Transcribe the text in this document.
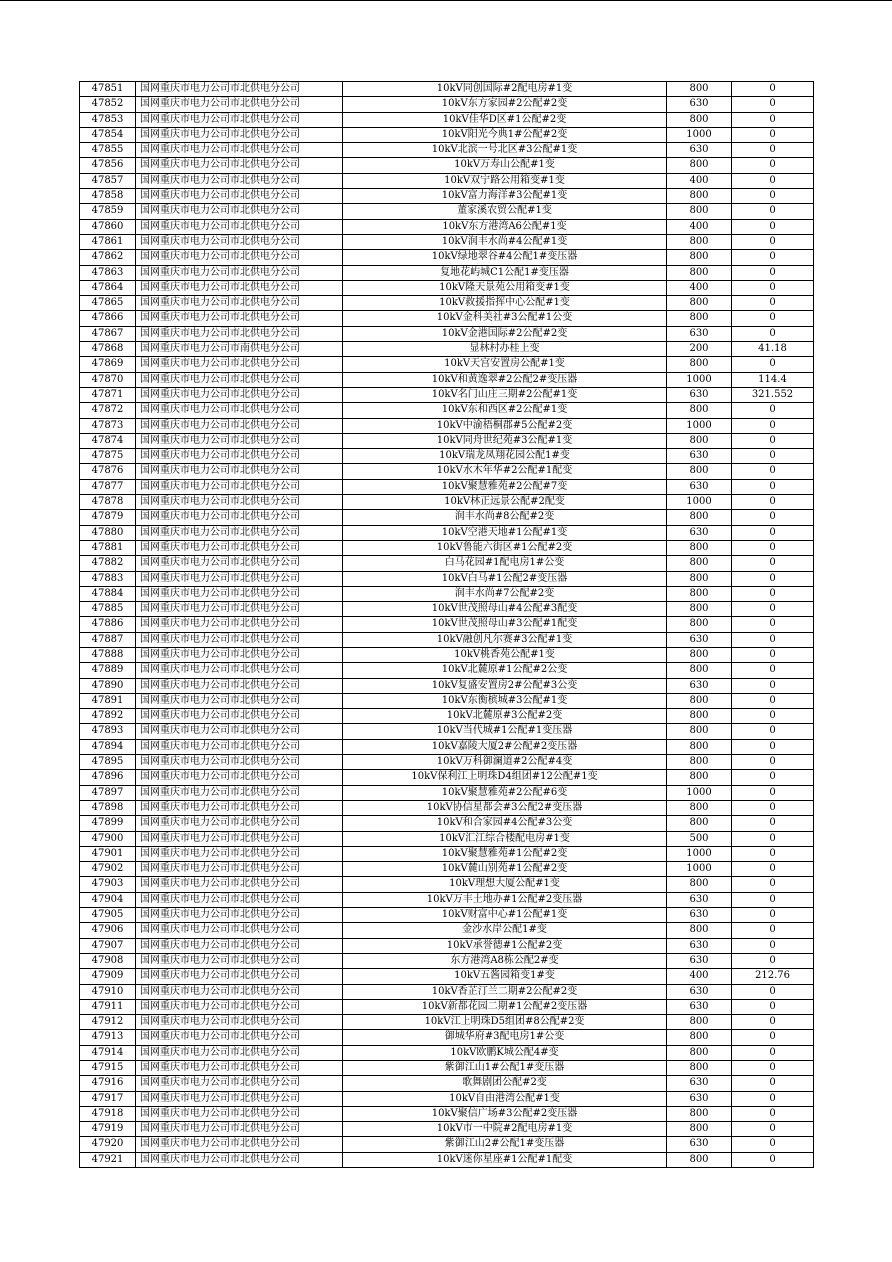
47851	国网重庆市电力公司市北供电分公司	10kV同创国际#2配电房#1变	800	0
47852	国网重庆市电力公司市北供电分公司	10kV东方家园#2公配#2变	630	0
47853	国网重庆市电力公司市北供电分公司	10kV佳华D区#1公配#2变	800	0
47854	国网重庆市电力公司市北供电分公司	10kV阳光今典1#公配#2变	1000	0
47855	国网重庆市电力公司市北供电分公司	10kV北滨一号北区#3公配#1变	630	0
47856	国网重庆市电力公司市北供电分公司	10kV万寿山公配#1变	800	0
47857	国网重庆市电力公司市北供电分公司	10kV双宁路公用箱变#1变	400	0
47858	国网重庆市电力公司市北供电分公司	10kV富力海洋#3公配#1变	800	0
47859	国网重庆市电力公司市北供电分公司	董家溪农贸公配#1变	800	0
47860	国网重庆市电力公司市北供电分公司	10kV东方港湾A6公配#1变	400	0
47861	国网重庆市电力公司市北供电分公司	10kV润丰水尚#4公配#1变	800	0
47862	国网重庆市电力公司市北供电分公司	10kV绿地翠谷#4公配1#变压器	800	0
47863	国网重庆市电力公司市北供电分公司	复地花屿城C1公配1#变压器	800	0
47864	国网重庆市电力公司市北供电分公司	10kV隆天景苑公用箱变#1变	400	0
47865	国网重庆市电力公司市北供电分公司	10kV救援指挥中心公配#1变	800	0
47866	国网重庆市电力公司市北供电分公司	10kV金科美社#3公配#1公变	800	0
47867	国网重庆市电力公司市北供电分公司	10kV金港国际#2公配#2变	630	0
47868	国网重庆市电力公司市南供电分公司	显林村办桂上变	200	41.18
47869	国网重庆市电力公司市北供电分公司	10kV天宫安置房公配#1变	800	0
47870	国网重庆市电力公司市北供电分公司	10kV和黄逸翠#2公配2#变压器	1000	114.4
47871	国网重庆市电力公司市北供电分公司	10kV名门山庄三期#2公配#1变	630	321.552
47872	国网重庆市电力公司市北供电分公司	10kV东和西区#2公配#1变	800	0
47873	国网重庆市电力公司市北供电分公司	10kV中渝梧桐郡#5公配#2变	1000	0
47874	国网重庆市电力公司市北供电分公司	10kV同舟世纪苑#3公配#1变	800	0
47875	国网重庆市电力公司市北供电分公司	10kV瑞龙凤翔花园公配1#变	630	0
47876	国网重庆市电力公司市北供电分公司	10kV水木年华#2公配#1配变	800	0
47877	国网重庆市电力公司市北供电分公司	10kV聚慧雅苑#2公配#7变	630	0
47878	国网重庆市电力公司市北供电分公司	10kV林正远景公配#2配变	1000	0
47879	国网重庆市电力公司市北供电分公司	润丰水尚#8公配#2变	800	0
47880	国网重庆市电力公司市北供电分公司	10kV空港天地#1公配#1变	630	0
47881	国网重庆市电力公司市北供电分公司	10kV鲁能六街区#1公配#2变	800	0
47882	国网重庆市电力公司市北供电分公司	白马花园#1配电房1#公变	800	0
47883	国网重庆市电力公司市北供电分公司	10kV白马#1公配2#变压器	800	0
47884	国网重庆市电力公司市北供电分公司	润丰水尚#7公配#2变	800	0
47885	国网重庆市电力公司市北供电分公司	10kV世茂照母山#4公配#3配变	800	0
47886	国网重庆市电力公司市北供电分公司	10kV世茂照母山#3公配#1配变	800	0
47887	国网重庆市电力公司市北供电分公司	10kV融创凡尔赛#3公配#1变	630	0
47888	国网重庆市电力公司市北供电分公司	10kV桃香苑公配#1变	800	0
47889	国网重庆市电力公司市北供电分公司	10kV北麓原#1公配#2公变	800	0
47890	国网重庆市电力公司市北供电分公司	10kV复盛安置房2#公配#3公变	630	0
47891	国网重庆市电力公司市北供电分公司	10kV东衡槟城#3公配#1变	800	0
47892	国网重庆市电力公司市北供电分公司	10kV北麓原#3公配#2变	800	0
47893	国网重庆市电力公司市北供电分公司	10kV当代城#1公配#1变压器	800	0
47894	国网重庆市电力公司市北供电分公司	10kV嘉陵大厦2#公配#2变压器	800	0
47895	国网重庆市电力公司市北供电分公司	10kV万科御澜道#2公配#4变	800	0
47896	国网重庆市电力公司市北供电分公司	10kV保利江上明珠D4组团#12公配#1变	800	0
47897	国网重庆市电力公司市北供电分公司	10kV聚慧雅苑#2公配#6变	1000	0
47898	国网重庆市电力公司市北供电分公司	10kV协信星都会#3公配2#变压器	800	0
47899	国网重庆市电力公司市北供电分公司	10kV和合家园#4公配#3公变	800	0
47900	国网重庆市电力公司市北供电分公司	10kV汇江综合楼配电房#1变	500	0
47901	国网重庆市电力公司市北供电分公司	10kV聚慧雅苑#1公配#2变	1000	0
47902	国网重庆市电力公司市北供电分公司	10kV麓山别苑#1公配#2变	1000	0
47903	国网重庆市电力公司市北供电分公司	10kV理想大厦公配#1变	800	0
47904	国网重庆市电力公司市北供电分公司	10kV万丰土地办#1公配#2变压器	630	0
47905	国网重庆市电力公司市北供电分公司	10kV财富中心#1公配#1变	630	0
47906	国网重庆市电力公司市北供电分公司	金沙水岸公配1#变	800	0
47907	国网重庆市电力公司市北供电分公司	10kV承誉德#1公配#2变	630	0
47908	国网重庆市电力公司市北供电分公司	东方港湾A8栋公配2#变	630	0
47909	国网重庆市电力公司市北供电分公司	10kV五酱园箱变1#变	400	212.76
47910	国网重庆市电力公司市北供电分公司	10kV香芷汀兰二期#2公配#2变	630	0
47911	国网重庆市电力公司市北供电分公司	10kV新都花园二期#1公配#2变压器	630	0
47912	国网重庆市电力公司市北供电分公司	10kV江上明珠D5组团#8公配#2变	800	0
47913	国网重庆市电力公司市北供电分公司	御城华府#3配电房1#公变	800	0
47914	国网重庆市电力公司市北供电分公司	10kV欧鹏K城公配4#变	800	0
47915	国网重庆市电力公司市北供电分公司	紫御江山1#公配1#变压器	800	0
47916	国网重庆市电力公司市北供电分公司	歌舞剧团公配#2变	630	0
47917	国网重庆市电力公司市北供电分公司	10kV自由港湾公配#1变	630	0
47918	国网重庆市电力公司市北供电分公司	10kV聚信广场#3公配#2变压器	800	0
47919	国网重庆市电力公司市北供电分公司	10kV市一中院#2配电房#1变	800	0
47920	国网重庆市电力公司市北供电分公司	紫御江山2#公配1#变压器	630	0
47921	国网重庆市电力公司市北供电分公司	10kV迷你星座#1公配#1配变	800	0
